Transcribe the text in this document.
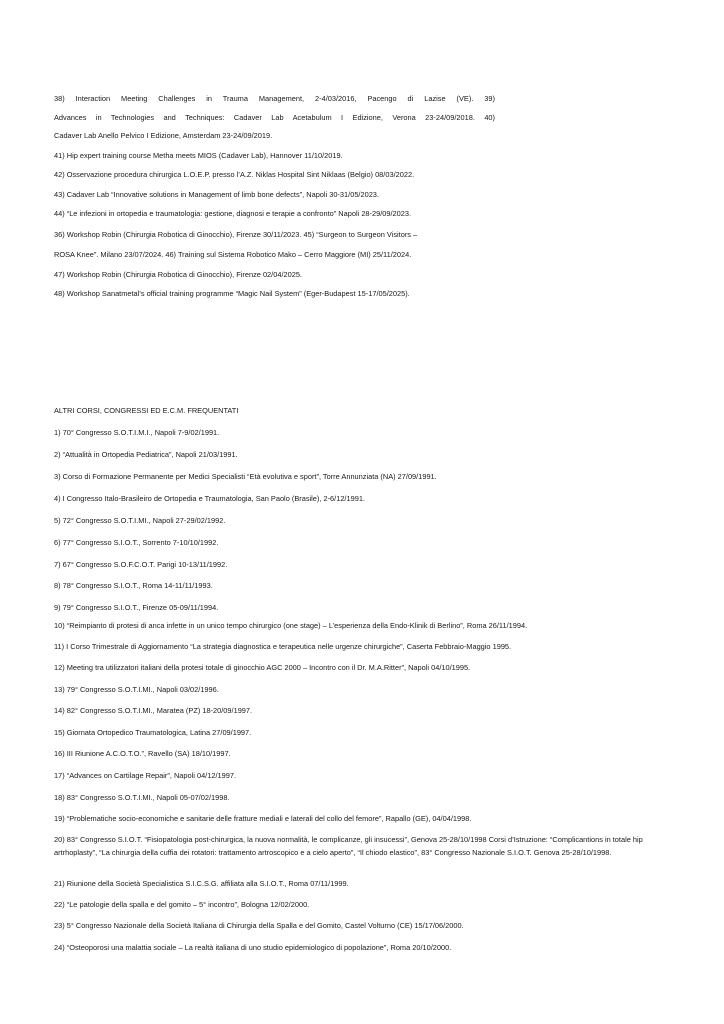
38) Interaction Meeting Challenges in Trauma Management, 2-4/03/2016, Pacengo di Lazise (VE). 39)
Advances in Technologies and Techniques: Cadaver Lab Acetabulum I Edizione, Verona 23-24/09/2018. 40)
Cadaver Lab Anello Pelvico I Edizione, Amsterdam 23-24/09/2019.
41) Hip expert training course Metha meets MIOS (Cadaver Lab), Hannover 11/10/2019.
42) Osservazione procedura chirurgica L.O.E.P. presso l’A.Z. Niklas Hospital Sint Niklaas (Belgio) 08/03/2022.
43) Cadaver Lab “Innovative solutions in Management of limb bone defects”, Napoli 30-31/05/2023.
44) “Le infezioni in ortopedia e traumatologia: gestione, diagnosi e terapie a confronto” Napoli 28-29/09/2023.
36) Workshop Robin (Chirurgia Robotica di Ginocchio), Firenze 30/11/2023. 45) “Surgeon to Surgeon Visitors –
ROSA Knee”. Milano 23/07/2024. 46) Training sul Sistema Robotico Mako – Cerro Maggiore (MI) 25/11/2024.
47) Workshop Robin (Chirurgia Robotica di Ginocchio), Firenze 02/04/2025.
48) Workshop Sanatmetal’s official training programme “Magic Nail System” (Eger-Budapest 15-17/05/2025).
ALTRI CORSI, CONGRESSI ED E.C.M. FREQUENTATI
1) 70° Congresso S.O.T.I.M.I., Napoli 7-9/02/1991.
2) “Attualità in Ortopedia Pediatrica”, Napoli 21/03/1991.
3) Corso di Formazione Permanente per Medici Specialisti “Età evolutiva e sport”, Torre Annunziata (NA) 27/09/1991.
4) I Congresso Italo-Brasileiro de Ortopedia e Traumatologia, San Paolo (Brasile), 2-6/12/1991.
5) 72° Congresso S.O.T.I.MI., Napoli 27-29/02/1992.
6) 77° Congresso S.I.O.T., Sorrento 7-10/10/1992.
7) 67° Congresso S.O.F.C.O.T. Parigi 10-13/11/1992.
8) 78° Congresso S.I.O.T., Roma 14-11/11/1993.
9) 79° Congresso S.I.O.T., Firenze 05-09/11/1994.
10) “Reimpianto di protesi di anca infette in un unico tempo chirurgico (one stage) – L’esperienza della Endo-Klinik di Berlino”, Roma 26/11/1994.
11) I Corso Trimestrale di Aggiornamento “La strategia diagnostica e terapeutica nelle urgenze chirurgiche”, Caserta Febbraio-Maggio 1995.
12) Meeting tra utilizzatori italiani della protesi totale di ginocchio AGC 2000 – Incontro con il Dr. M.A.Ritter”, Napoli 04/10/1995.
13) 79° Congresso S.O.T.I.MI., Napoli 03/02/1996.
14) 82° Congresso S.O.T.I.MI., Maratea (PZ) 18-20/09/1997.
15) Giornata Ortopedico Traumatologica, Latina 27/09/1997.
16) III Riunione A.C.O.T.O.”, Ravello (SA) 18/10/1997.
17) “Advances on Cartilage Repair”, Napoli 04/12/1997.
18) 83° Congresso S.O.T.I.MI., Napoli 05-07/02/1998.
19) “Problematiche socio-economiche e sanitarie delle fratture mediali e laterali del collo del femore”, Rapallo (GE), 04/04/1998.
20) 83° Congresso S.I.O.T. “Fisiopatologia post-chirurgica, la nuova normalità, le complicanze, gli insucessi”, Genova 25-28/10/1998 Corsi d’Istruzione: “Complicantions in totale hip artrhoplasty”, “La chirurgia della cuffia dei rotatori: trattamento artroscopico e a cielo aperto”, “Il chiodo elastico”, 83° Congresso Nazionale S.I.O.T. Genova 25-28/10/1998.
21) Riunione della Società Specialistica S.I.C.S.G. affiliata alla S.I.O.T., Roma 07/11/1999.
22) “Le patologie della spalla e del gomito – 5° incontro”, Bologna 12/02/2000.
23) 5° Congresso Nazionale della Società Italiana di Chirurgia della Spalla e del Gomito, Castel Volturno (CE) 15/17/06/2000.
24) “Osteoporosi una malattia sociale – La realtà italiana di uno studio epidemiologico di popolazione”, Roma 20/10/2000.
